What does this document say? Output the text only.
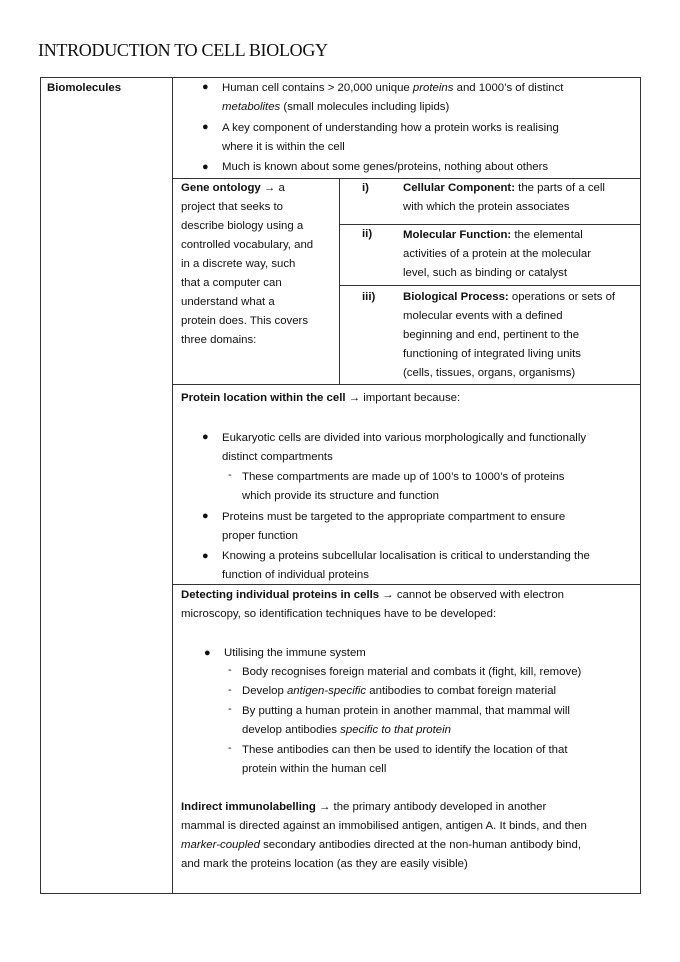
INTRODUCTION TO CELL BIOLOGY
Biomolecules	● Human cell contains > 20,000 unique proteins and 1000’s of distinct
metabolites (small molecules including lipids)
● A key component of understanding how a protein works is realising
where it is within the cell
● Much is known about some genes/proteins, nothing about others
Gene ontology → a
project that seeks to
describe biology using a
controlled vocabulary, and
in a discrete way, such
that a computer can
understand what a
protein does. This covers
three domains:
i)	Cellular Component: the parts of a cell
with which the protein associates
ii)	Molecular Function: the elemental
activities of a protein at the molecular
level, such as binding or catalyst
iii) Biological Process: operations or sets of
molecular events with a defined
beginning and end, pertinent to the
functioning of integrated living units
(cells, tissues, organs, organisms)
Protein location within the cell → important because:
● Eukaryotic cells are divided into various morphologically and functionally
distinct compartments
- These compartments are made up of 100’s to 1000’s of proteins
which provide its structure and function
● Proteins must be targeted to the appropriate compartment to ensure
proper function
● Knowing a proteins subcellular localisation is critical to understanding the
function of individual proteins
Detecting individual proteins in cells → cannot be observed with electron
microscopy, so identification techniques have to be developed:
● Utilising the immune system
- Body recognises foreign material and combats it (fight, kill, remove)
- Develop antigen-specific antibodies to combat foreign material
- By putting a human protein in another mammal, that mammal will
develop antibodies specific to that protein
- These antibodies can then be used to identify the location of that
protein within the human cell
Indirect immunolabelling → the primary antibody developed in another
mammal is directed against an immobilised antigen, antigen A. It binds, and then
marker-coupled secondary antibodies directed at the non-human antibody bind,
and mark the proteins location (as they are easily visible)
